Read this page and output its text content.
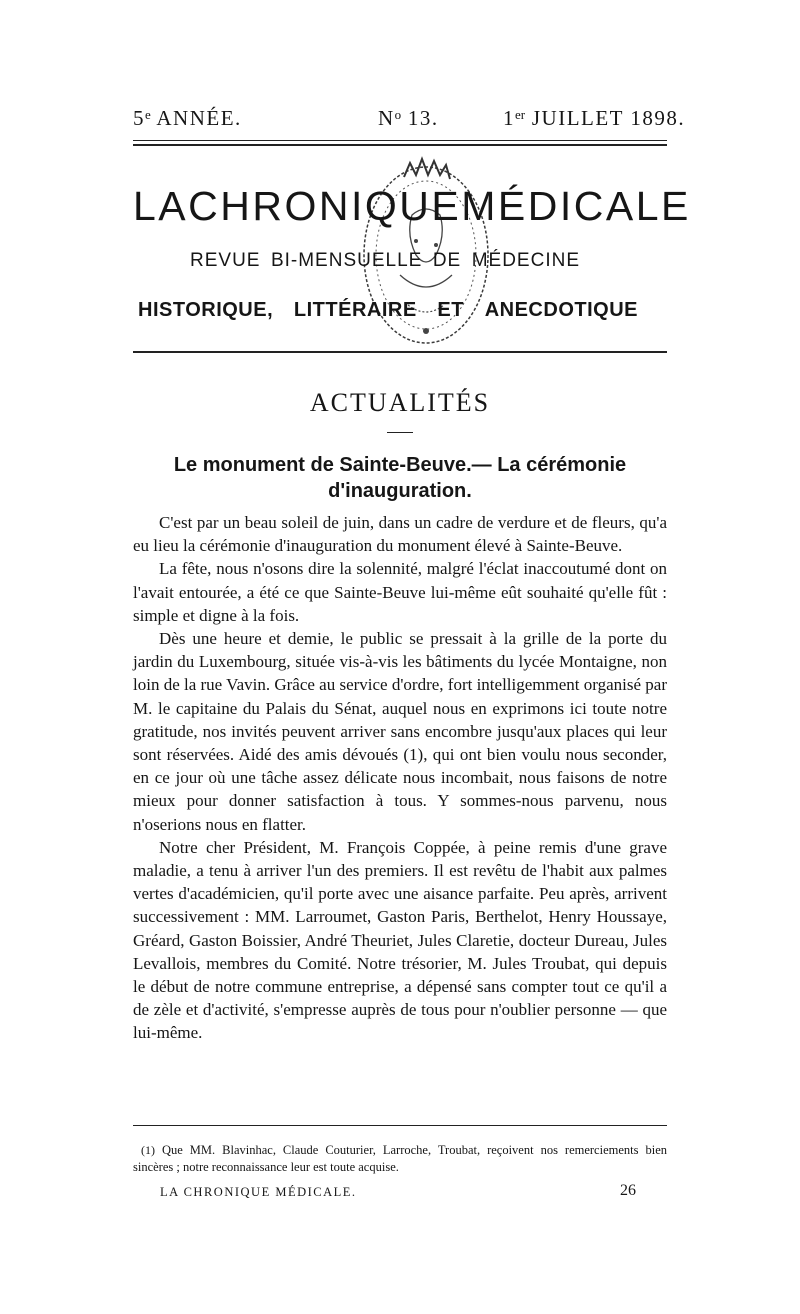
5e ANNÉE.	$N^o$ 13.	1er JUILLET 1898.
LA CHRONIQUE MÉDICALE
REVUE BI-MENSUELLE DE MÉDECINE
HISTORIQUE, LITTÉRAIRE ET ANECDOTIQUE
ACTUALITÉS
Le monument de Sainte-Beuve.— La cérémonie
d'inauguration.

C'est par un beau soleil de juin, dans un cadre de verdure et de fleurs, qu'a eu lieu la cérémonie d'inauguration du monument élevé à Sainte-Beuve.

La fête, nous n'osons dire la solennité, malgré l'éclat inaccoutumé dont on l'avait entourée, a été ce que Sainte-Beuve lui-même eût souhaité qu'elle fût : simple et digne à la fois.

Dès une heure et demie, le public se pressait à la grille de la porte du jardin du Luxembourg, située vis-à-vis les bâtiments du lycée Montaigne, non loin de la rue Vavin. Grâce au service d'ordre, fort intelligemment organisé par M. le capitaine du Palais du Sénat, auquel nous en exprimons ici toute notre gratitude, nos invités peuvent arriver sans encombre jusqu'aux places qui leur sont réservées. Aidé des amis dévoués (1), qui ont bien voulu nous seconder, en ce jour où une tâche assez délicate nous incombait, nous faisons de notre mieux pour donner satisfaction à tous. Y sommes-nous parvenu, nous n'oserions nous en flatter.

Notre cher Président, M. François Coppée, à peine remis d'une grave maladie, a tenu à arriver l'un des premiers. Il est revêtu de l'habit aux palmes vertes d'académicien, qu'il porte avec une aisance parfaite. Peu après, arrivent successivement : MM. Larroumet, Gaston Paris, Berthelot, Henry Houssaye, Gréard, Gaston Boissier, André Theuriet, Jules Claretie, docteur Dureau, Jules Levallois, membres du Comité. Notre trésorier, M. Jules Troubat, qui depuis le début de notre commune entreprise, a dépensé sans compter tout ce qu'il a de zèle et d'activité, s'empresse auprès de tous pour n'oublier personne — que lui-même.

(1) Que MM. Blavinhac, Claude Couturier, Larroche, Troubat, reçoivent nos remerciements bien sincères ; notre reconnaissance leur est toute acquise.
LA CHRONIQUE MÉDICALE.	26
